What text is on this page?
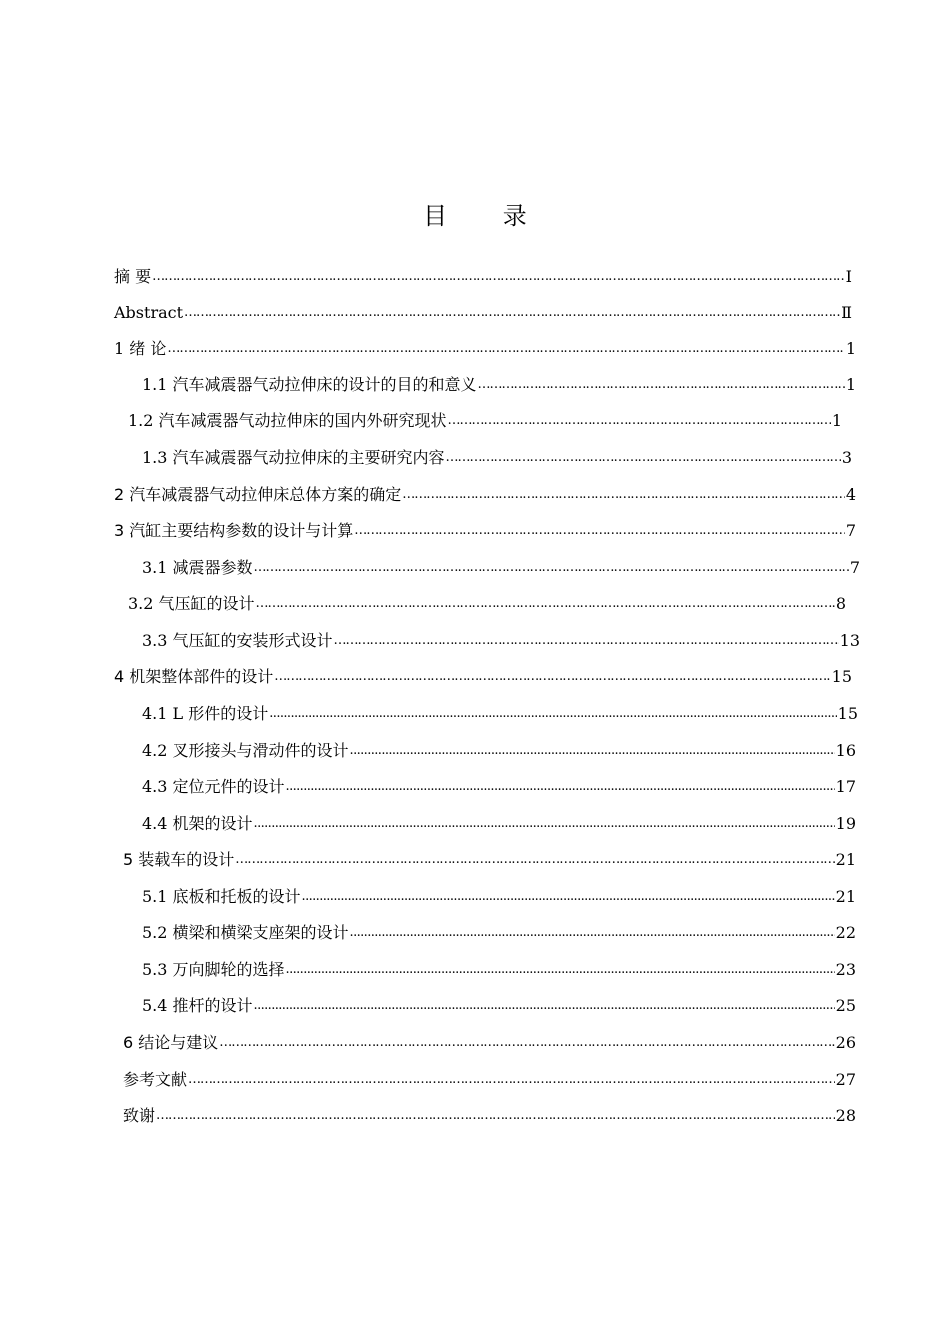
目 录
摘 要 ……………………………………………………………………………………………………………………………………………………………………	Ⅰ
Abstract ……………………………………………………………………………………………………………………………………………………………………	Ⅱ
1 绪 论 ……………………………………………………………………………………………………………………………………………………………………	1
1.1 汽车减震器气动拉伸床的设计的目的和意义 ……………………………………………………………………………………………………………………………………………………………………	1
1.2 汽车减震器气动拉伸床的国内外研究现状 ……………………………………………………………………………………………………………………………………………………………………	1
1.3 汽车减震器气动拉伸床的主要研究内容 ……………………………………………………………………………………………………………………………………………………………………	3
2 汽车减震器气动拉伸床总体方案的确定 ……………………………………………………………………………………………………………………………………………………………………	4
3 汽缸主要结构参数的设计与计算 ……………………………………………………………………………………………………………………………………………………………………	7
3.1 减震器参数 ……………………………………………………………………………………………………………………………………………………………………	7
3.2 气压缸的设计 ……………………………………………………………………………………………………………………………………………………………………	8
3.3 气压缸的安装形式设计 ……………………………………………………………………………………………………………………………………………………………………	13
4 机架整体部件的设计 ……………………………………………………………………………………………………………………………………………………………………	15
4.1 L 形件的设计 .....	15
4.2 叉形接头与滑动件的设计 .....	16
4.3 定位元件的设计 .....	17
4.4 机架的设计 .....	19
5 装载车的设计 ……………………………………………………………………………………………………………………………………………………………………	21
5.1 底板和托板的设计 .....	21
5.2 横梁和横梁支座架的设计 .....	22
5.3 万向脚轮的选择 .....	23
5.4 推杆的设计 .....	25
6 结论与建议 ……………………………………………………………………………………………………………………………………………………………………	26
参考文献 ……………………………………………………………………………………………………………………………………………………………………	27
致谢 ……………………………………………………………………………………………………………………………………………………………………	28
